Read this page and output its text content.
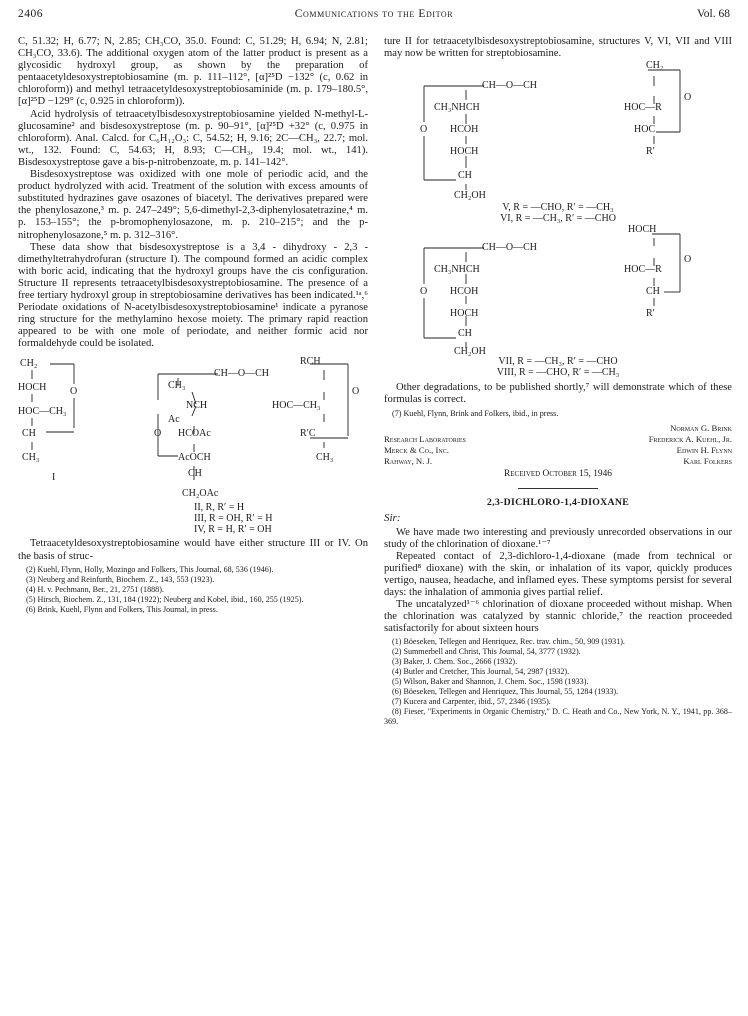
2406	Communications to the Editor	Vol. 68

C, 51.32; H, 6.77; N, 2.85; CH₃CO, 35.0. Found: C, 51.29; H, 6.94; N, 2.81; CH₃CO, 33.6). The additional oxygen atom of the latter product is present as a glycosidic hydroxyl group, as shown by the preparation of pentaacetyldesoxystreptobiosamine (m. p. 111–112°, [α]²⁵D −132° (c, 0.62 in chloroform)) and methyl tetraacetyldesoxystreptobiosaminide (m. p. 179–180.5°, [α]²⁵D −129° (c, 0.925 in chloroform)).

Acid hydrolysis of tetraacetylbisdesoxystreptobiosamine yielded N-methyl-L-glucosamine² and bisdesoxystreptose (m. p. 90–91°, [α]²⁵D +32° (c, 0.975 in chloroform). Anal. Calcd. for C₆H₁₂O₃: C, 54.52; H, 9.16; 2C—CH₃, 22.7; mol. wt., 132. Found: C, 54.63; H, 8.93; C—CH₃, 19.4; mol. wt., 141). Bisdesoxystreptose gave a bis-p-nitrobenzoate, m. p. 141–142°.

Bisdesoxystreptose was oxidized with one mole of periodic acid, and the product hydrolyzed with acid. Treatment of the solution with excess amounts of substituted hydrazines gave osazones of biacetyl. The derivatives prepared were the phenylosazone,³ m. p. 247–249°; 5,6-dimethyl-2,3-diphenylosatetrazine,⁴ m. p. 153–155°; the p-bromophenylosazone, m. p. 210–215°; and the p-nitrophenylosazone,⁵ m. p. 312–316°.

These data show that bisdesoxystreptose is a 3,4 - dihydroxy - 2,3 - dimethyltetrahydrofuran (structure I). The compound formed an acidic complex with boric acid, indicating that the hydroxyl groups have the cis configuration. Structure II represents tetraacetylbisdesoxystreptobiosamine. The presence of a free tertiary hydroxyl group in streptobiosamine derivatives has been indicated.¹ᵃ,⁶ Periodate oxidations of N-acetylbisdesoxystreptobiosamine¹ indicate a pyranose ring structure for the methylamino hexose moiety. The primary rapid reaction appeared to be with one mole of periodate, and neither formic acid nor formaldehyde could be isolated.

CH₂
HOCH O
HOC—CH₃
CH
CH₃
I
RCH
CH—O—CH
CH₃
O
NCH	HOC—CH₃
Ac
O HCOAc	R′C
AcOCH	CH₃
CH
CH₂OAc
II, R, R′ = H
III, R = OH, R′ = H
IV, R = H, R′ = OH

Tetraacetyldesoxystreptobiosamine would have either structure III or IV. On the basis of struc-

(2) Kuehl, Flynn, Holly, Mozingo and Folkers, This Journal, 68, 536 (1946).

(3) Neuberg and Reinfurth, Biochem. Z., 143, 553 (1923).

(4) H. v. Pechmann, Ber., 21, 2751 (1888).

(5) Hirsch, Biochem. Z., 131, 184 (1922); Neuberg and Kobel, ibid., 160, 255 (1925).

(6) Brink, Kuehl, Flynn and Folkers, This Journal, in press.

ture II for tetraacetylbisdesoxystreptobiosamine, structures V, VI, VII and VIII may now be written for streptobiosamine.

CH₂
CH—O—CH
O
CH₃NHCH	HOC—R
O HCOH	HOC
HOCH	R′
CH
CH₂OH
V, R = —CHO, R′ = —CH₃
VI, R = —CH₃, R′ = —CHO
HOCH
CH—O—CH
O
CH₃NHCH	HOC—R
O HCOH	CH
HOCH	R′
CH
CH₂OH
VII, R = —CH₃, R′ = —CHO
VIII, R = —CHO, R′ = —CH₃

Other degradations, to be published shortly,⁷ will demonstrate which of these formulas is correct.

(7) Kuehl, Flynn, Brink and Folkers, ibid., in press.

Norman G. Brink
Research Laboratories	Frederick A. Kuehl, Jr.
Merck & Co., Inc.	Edwin H. Flynn
Rahway, N. J.	Karl Folkers
Received October 15, 1946
2,3-DICHLORO-1,4-DIOXANE
Sir:

We have made two interesting and previously unrecorded observations in our study of the chlorination of dioxane.¹⁻⁷

Repeated contact of 2,3-dichloro-1,4-dioxane (made from technical or purified⁸ dioxane) with the skin, or inhalation of its vapor, quickly produces vertigo, nausea, headache, and inflamed eyes. These symptoms persist for several days: the inhalation of ammonia gives partial relief.

The uncatalyzed¹⁻⁶ chlorination of dioxane proceeded without mishap. When the chlorination was catalyzed by stannic chloride,⁷ the reaction proceeded satisfactorily for about sixteen hours

(1) Böeseken, Tellegen and Henriquez, Rec. trav. chim., 50, 909 (1931).

(2) Summerbell and Christ, This Journal, 54, 3777 (1932).

(3) Baker, J. Chem. Soc., 2666 (1932).

(4) Butler and Cretcher, This Journal, 54, 2987 (1932).

(5) Wilson, Baker and Shannon, J. Chem. Soc., 1598 (1933).

(6) Böeseken, Tellegen and Henriquez, This Journal, 55, 1284 (1933).

(7) Kucera and Carpenter, ibid., 57, 2346 (1935).

(8) Fieser, "Experiments in Organic Chemistry," D. C. Heath and Co., New York, N. Y., 1941, pp. 368–369.
